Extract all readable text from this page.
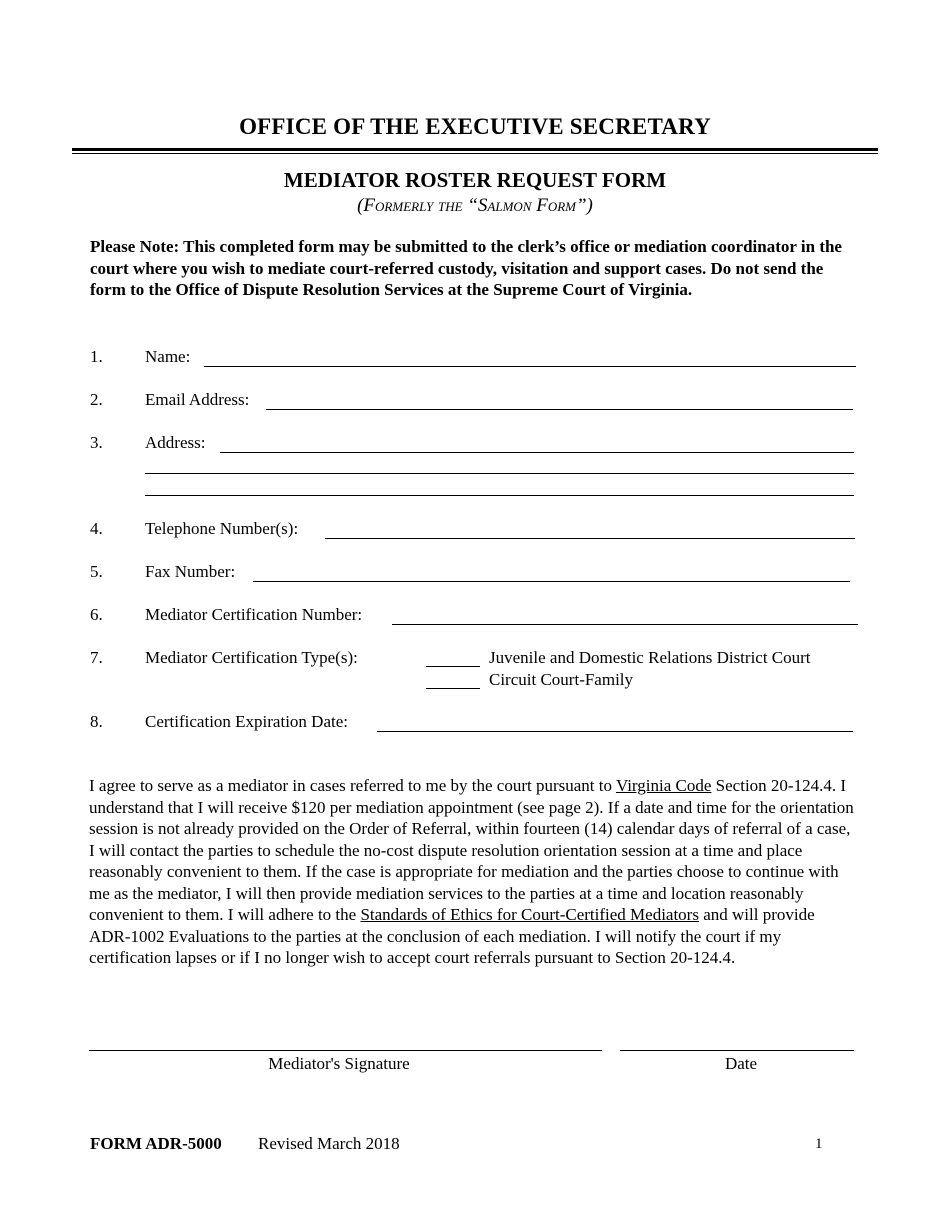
OFFICE OF THE EXECUTIVE SECRETARY
MEDIATOR ROSTER REQUEST FORM
(Formerly the “Salmon Form”)
Please Note: This completed form may be submitted to the clerk’s office or mediation coordinator in the court where you wish to mediate court-referred custody, visitation and support cases. Do not send the form to the Office of Dispute Resolution Services at the Supreme Court of Virginia.
1. Name:
2. Email Address:
3. Address:
4. Telephone Number(s):
5. Fax Number:
6. Mediator Certification Number:
7. Mediator Certification Type(s):	Juvenile and Domestic Relations District Court
Circuit Court-Family
8. Certification Expiration Date:
I agree to serve as a mediator in cases referred to me by the court pursuant to Virginia Code Section 20-124.4. I understand that I will receive $120 per mediation appointment (see page 2). If a date and time for the orientation session is not already provided on the Order of Referral, within fourteen (14) calendar days of referral of a case, I will contact the parties to schedule the no-cost dispute resolution orientation session at a time and place reasonably convenient to them. If the case is appropriate for mediation and the parties choose to continue with me as the mediator, I will then provide mediation services to the parties at a time and location reasonably convenient to them. I will adhere to the Standards of Ethics for Court-Certified Mediators and will provide ADR-1002 Evaluations to the parties at the conclusion of each mediation. I will notify the court if my certification lapses or if I no longer wish to accept court referrals pursuant to Section 20-124.4.
Mediator's Signature	Date
FORM ADR-5000 Revised March 2018	1
